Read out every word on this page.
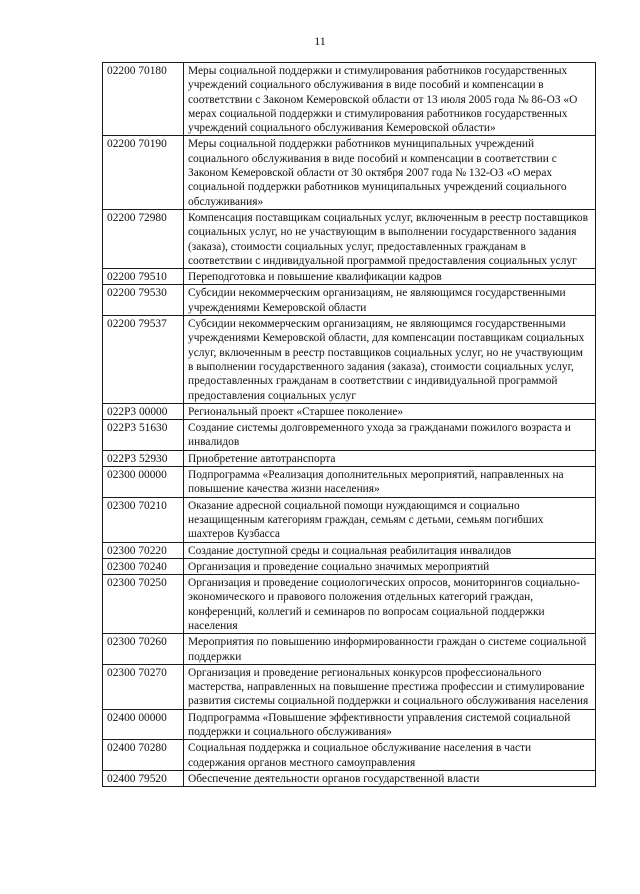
11
02200 70180	Меры социальной поддержки и стимулирования работников государственных учреждений социального обслуживания в виде пособий и компенсации в соответствии с Законом Кемеровской области от 13 июля 2005 года № 86-ОЗ «О мерах социальной поддержки и стимулирования работников государственных учреждений социального обслуживания Кемеровской области»
02200 70190	Меры социальной поддержки работников муниципальных учреждений социального обслуживания в виде пособий и компенсации в соответствии с Законом Кемеровской области от 30 октября 2007 года № 132-ОЗ «О мерах социальной поддержки работников муниципальных учреждений социального обслуживания»
02200 72980	Компенсация поставщикам социальных услуг, включенным в реестр поставщиков социальных услуг, но не участвующим в выполнении государственного задания (заказа), стоимости социальных услуг, предоставленных гражданам в соответствии с индивидуальной программой предоставления социальных услуг
02200 79510	Переподготовка и повышение квалификации кадров
02200 79530	Субсидии некоммерческим организациям, не являющимся государственными учреждениями Кемеровской области
02200 79537	Субсидии некоммерческим организациям, не являющимся государственными учреждениями Кемеровской области, для компенсации поставщикам социальных услуг, включенным в реестр поставщиков социальных услуг, но не участвующим в выполнении государственного задания (заказа), стоимости социальных услуг, предоставленных гражданам в соответствии с индивидуальной программой предоставления социальных услуг
022Р3 00000	Региональный проект «Старшее поколение»
022Р3 51630	Создание системы долговременного ухода за гражданами пожилого возраста и инвалидов
022Р3 52930	Приобретение автотранспорта
02300 00000	Подпрограмма «Реализация дополнительных мероприятий, направленных на повышение качества жизни населения»
02300 70210	Оказание адресной социальной помощи нуждающимся и социально незащищенным категориям граждан, семьям с детьми, семьям погибших шахтеров Кузбасса
02300 70220	Создание доступной среды и социальная реабилитация инвалидов
02300 70240	Организация и проведение социально значимых мероприятий
02300 70250	Организация и проведение социологических опросов, мониторингов социально-экономического и правового положения отдельных категорий граждан, конференций, коллегий и семинаров по вопросам социальной поддержки населения
02300 70260	Мероприятия по повышению информированности граждан о системе социальной поддержки
02300 70270	Организация и проведение региональных конкурсов профессионального мастерства, направленных на повышение престижа профессии и стимулирование развития системы социальной поддержки и социального обслуживания населения
02400 00000	Подпрограмма «Повышение эффективности управления системой социальной поддержки и социального обслуживания»
02400 70280	Социальная поддержка и социальное обслуживание населения в части содержания органов местного самоуправления
02400 79520	Обеспечение деятельности органов государственной власти
